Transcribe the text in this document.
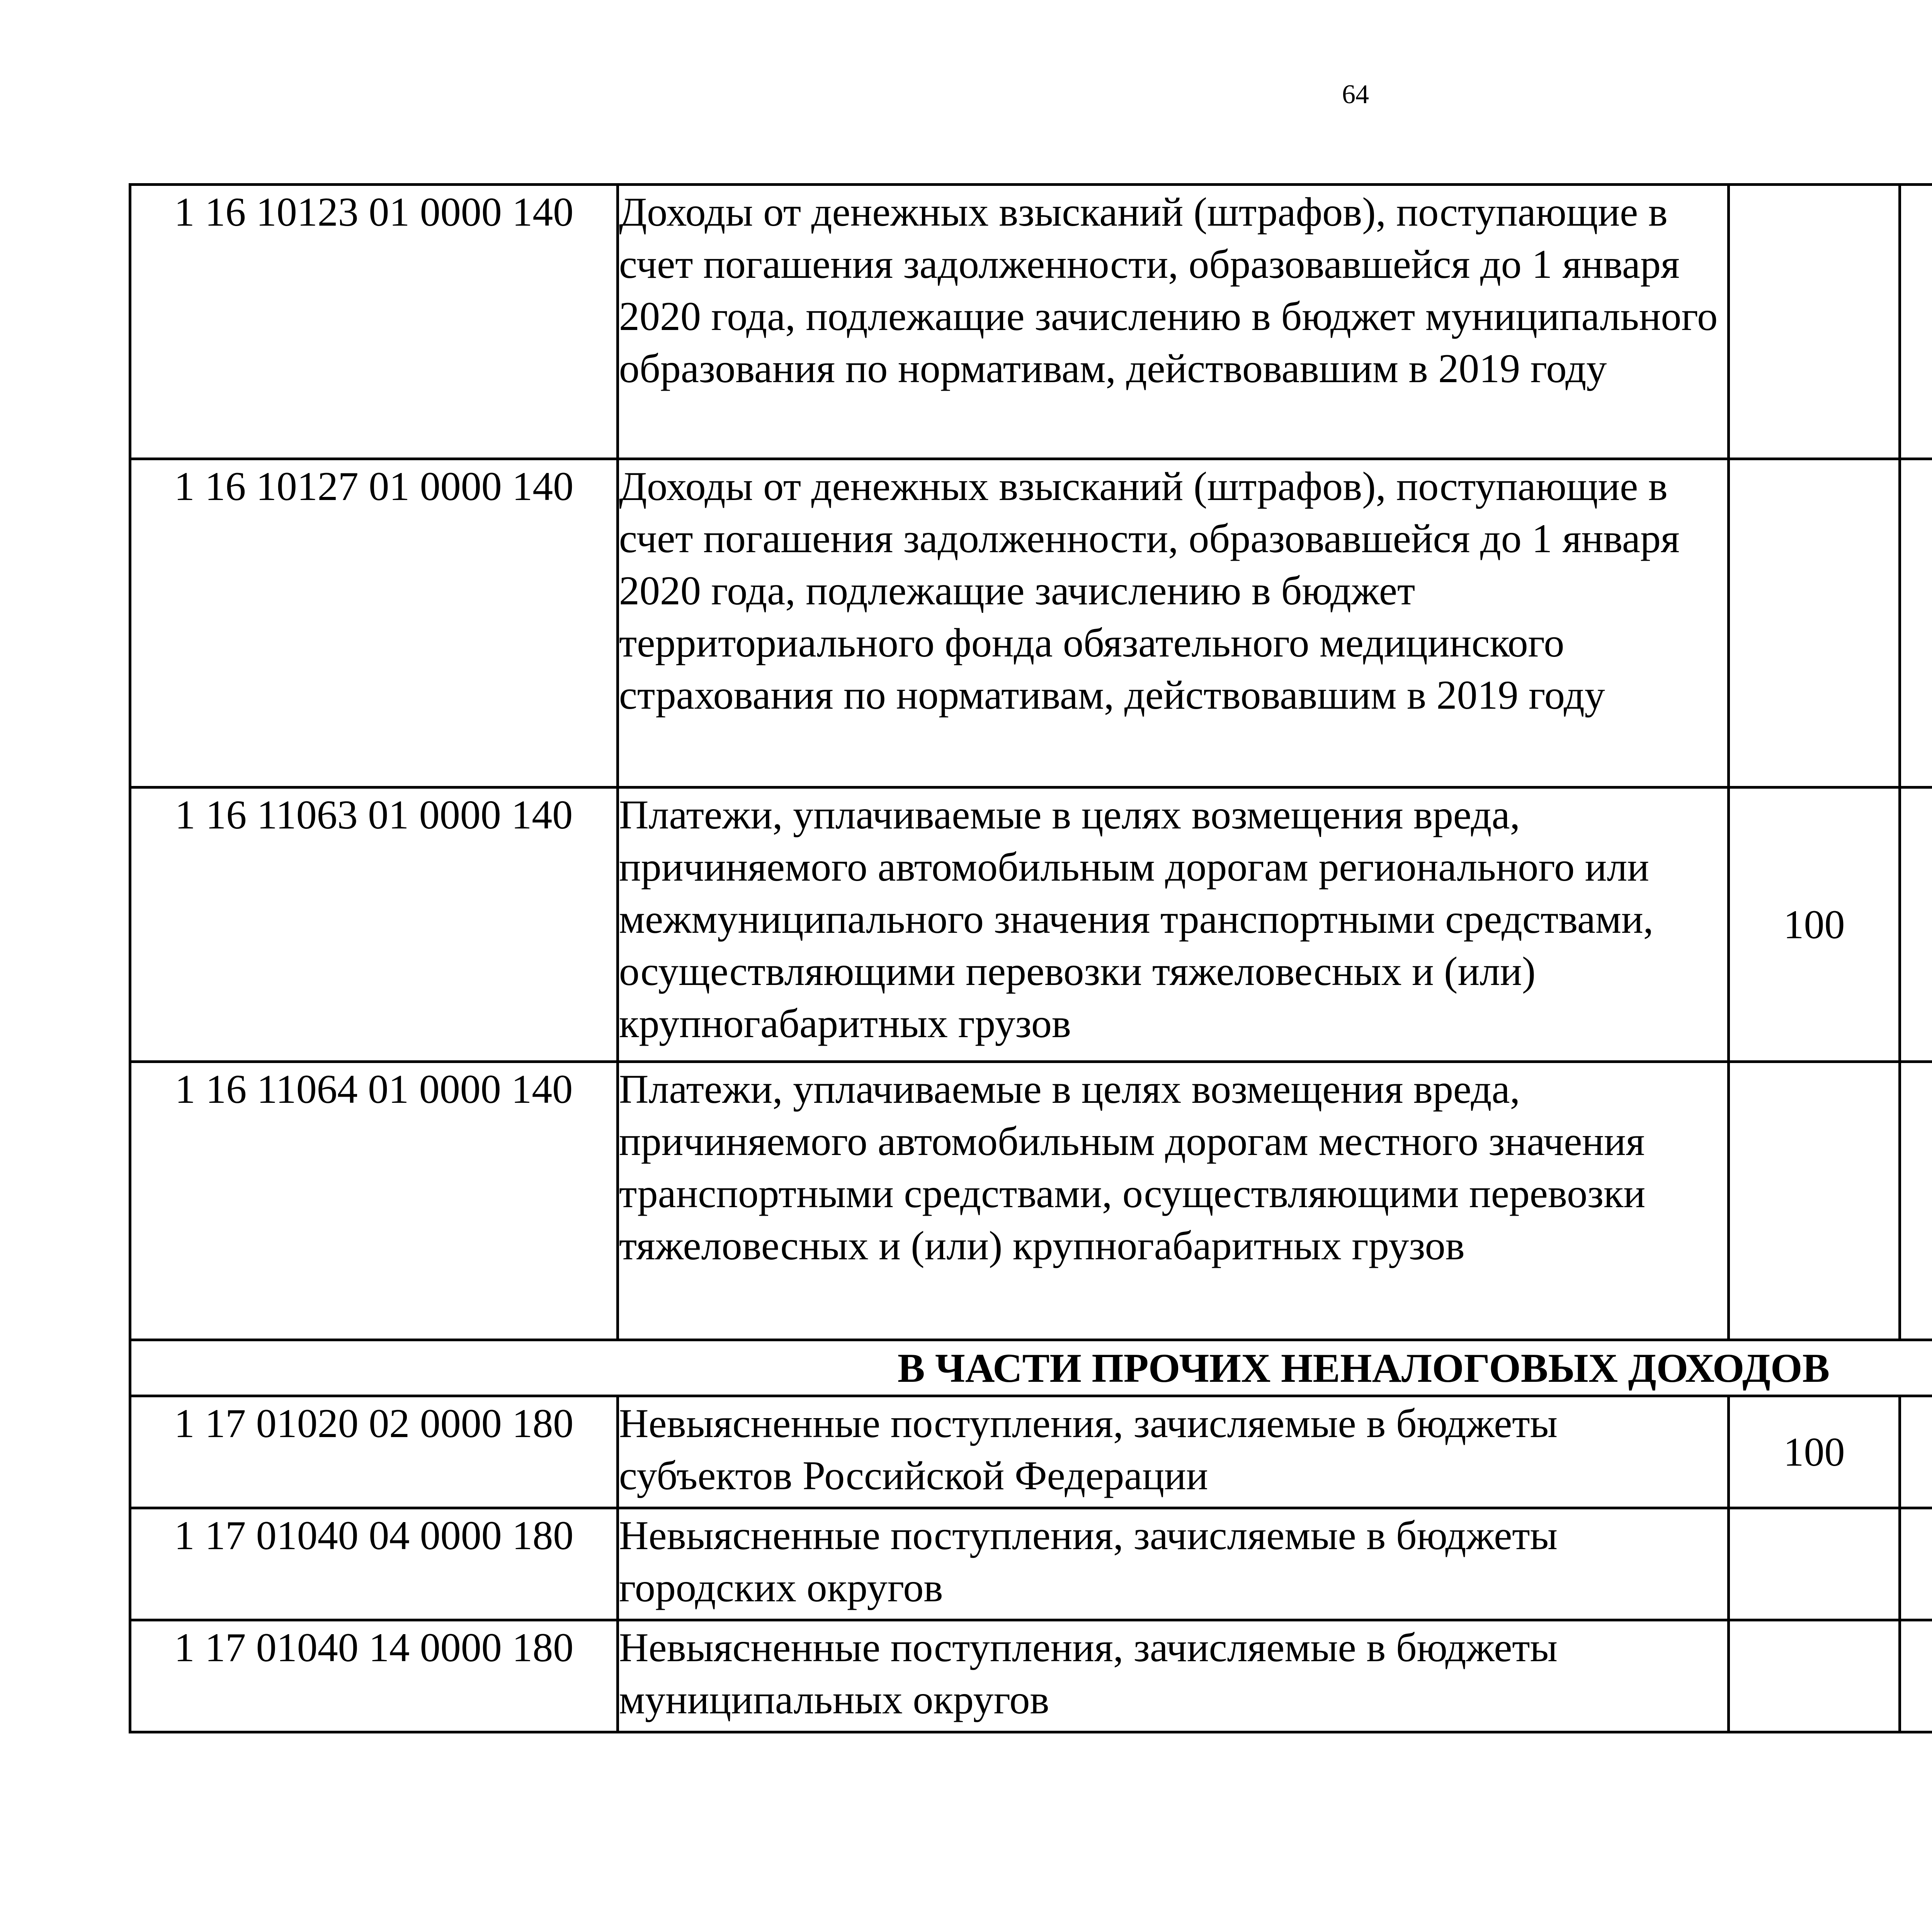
64
1 16 10123 01 0000 140	Доходы от денежных взысканий (штрафов), поступающие в счет погашения задолженности, образовавшейся до 1 января 2020 года, подлежащие зачислению в бюджет муниципального образования по нормативам, действовавшим в 2019 году					
1 16 10127 01 0000 140	Доходы от денежных взысканий (штрафов), поступающие в счет погашения задолженности, образовавшейся до 1 января 2020 года, подлежащие зачислению в бюджет территориального фонда обязательного медицинского страхования по нормативам, действовавшим в 2019 году					
1 16 11063 01 0000 140	Платежи, уплачиваемые в целях возмещения вреда, причиняемого автомобильным дорогам регионального или межмуниципального значения транспортными средствами, осуществляющими перевозки тяжеловесных и (или) крупногабаритных грузов	100				
1 16 11064 01 0000 140	Платежи, уплачиваемые в целях возмещения вреда, причиняемого автомобильным дорогам местного значения транспортными средствами, осуществляющими перевозки тяжеловесных и (или) крупногабаритных грузов					
В ЧАСТИ ПРОЧИХ НЕНАЛОГОВЫХ ДОХОДОВ						
1 17 01020 02 0000 180	Невыясненные поступления, зачисляемые в бюджеты субъектов Российской Федерации	100				
1 17 01040 04 0000 180	Невыясненные поступления, зачисляемые в бюджеты городских округов					
1 17 01040 14 0000 180	Невыясненные поступления, зачисляемые в бюджеты муниципальных округов					
